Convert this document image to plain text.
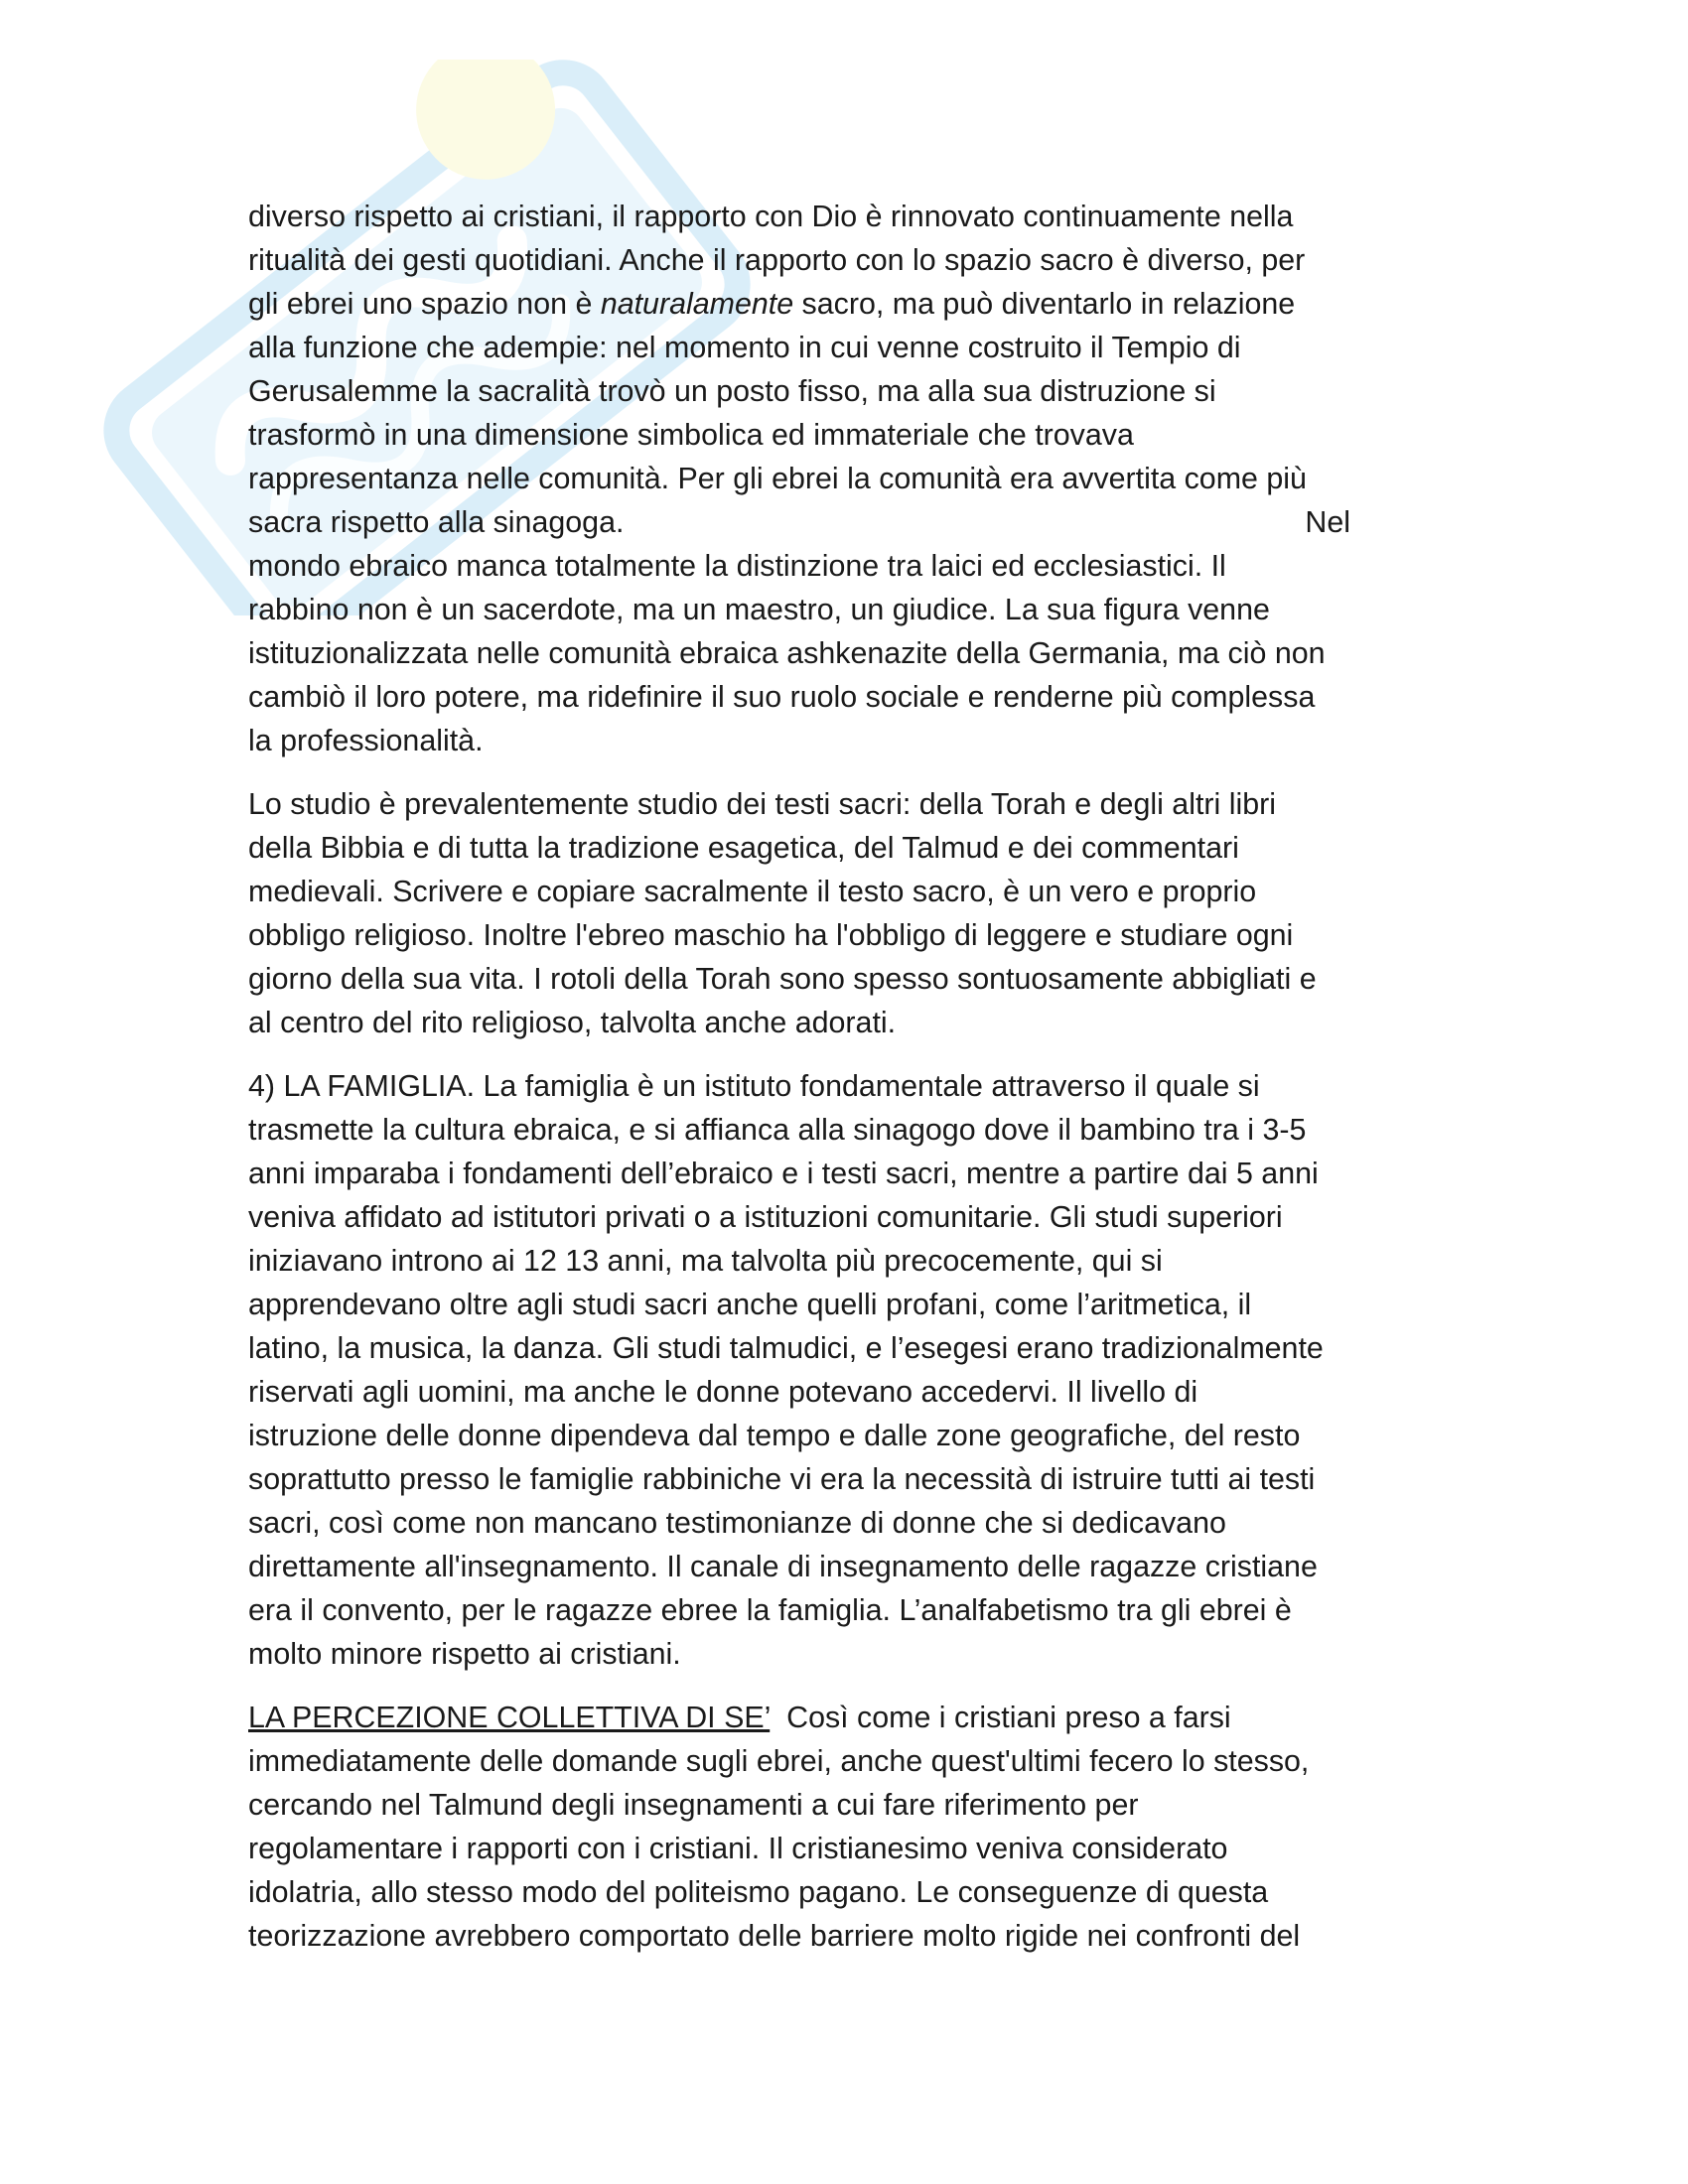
diverso rispetto ai cristiani, il rapporto con Dio è rinnovato continuamente nella
ritualità dei gesti quotidiani. Anche il rapporto con lo spazio sacro è diverso, per
gli ebrei uno spazio non è naturalamente sacro, ma può diventarlo in relazione
alla funzione che adempie: nel momento in cui venne costruito il Tempio di
Gerusalemme la sacralità trovò un posto fisso, ma alla sua distruzione si
trasformò in una dimensione simbolica ed immateriale che trovava
rappresentanza nelle comunità. Per gli ebrei la comunità era avvertita come più
sacra rispetto alla sinagoga.	Nel
mondo ebraico manca totalmente la distinzione tra laici ed ecclesiastici. Il
rabbino non è un sacerdote, ma un maestro, un giudice. La sua figura venne
istituzionalizzata nelle comunità ebraica ashkenazite della Germania, ma ciò non
cambiò il loro potere, ma ridefinire il suo ruolo sociale e renderne più complessa
la professionalità.

Lo studio è prevalentemente studio dei testi sacri: della Torah e degli altri libri
della Bibbia e di tutta la tradizione esagetica, del Talmud e dei commentari
medievali. Scrivere e copiare sacralmente il testo sacro, è un vero e proprio
obbligo religioso. Inoltre l'ebreo maschio ha l'obbligo di leggere e studiare ogni
giorno della sua vita. I rotoli della Torah sono spesso sontuosamente abbigliati e
al centro del rito religioso, talvolta anche adorati.

4) LA FAMIGLIA. La famiglia è un istituto fondamentale attraverso il quale si
trasmette la cultura ebraica, e si affianca alla sinagogo dove il bambino tra i 3-5
anni imparaba i fondamenti dell’ebraico e i testi sacri, mentre a partire dai 5 anni
veniva affidato ad istitutori privati o a istituzioni comunitarie. Gli studi superiori
iniziavano introno ai 12 13 anni, ma talvolta più precocemente, qui si
apprendevano oltre agli studi sacri anche quelli profani, come l’aritmetica, il
latino, la musica, la danza. Gli studi talmudici, e l’esegesi erano tradizionalmente
riservati agli uomini, ma anche le donne potevano accedervi. Il livello di
istruzione delle donne dipendeva dal tempo e dalle zone geografiche, del resto
soprattutto presso le famiglie rabbiniche vi era la necessità di istruire tutti ai testi
sacri, così come non mancano testimonianze di donne che si dedicavano
direttamente all'insegnamento. Il canale di insegnamento delle ragazze cristiane
era il convento, per le ragazze ebree la famiglia. L’analfabetismo tra gli ebrei è
molto minore rispetto ai cristiani.

LA PERCEZIONE COLLETTIVA DI SE’  Così come i cristiani preso a farsi
immediatamente delle domande sugli ebrei, anche quest'ultimi fecero lo stesso,
cercando nel Talmund degli insegnamenti a cui fare riferimento per
regolamentare i rapporti con i cristiani. Il cristianesimo veniva considerato
idolatria, allo stesso modo del politeismo pagano. Le conseguenze di questa
teorizzazione avrebbero comportato delle barriere molto rigide nei confronti del
